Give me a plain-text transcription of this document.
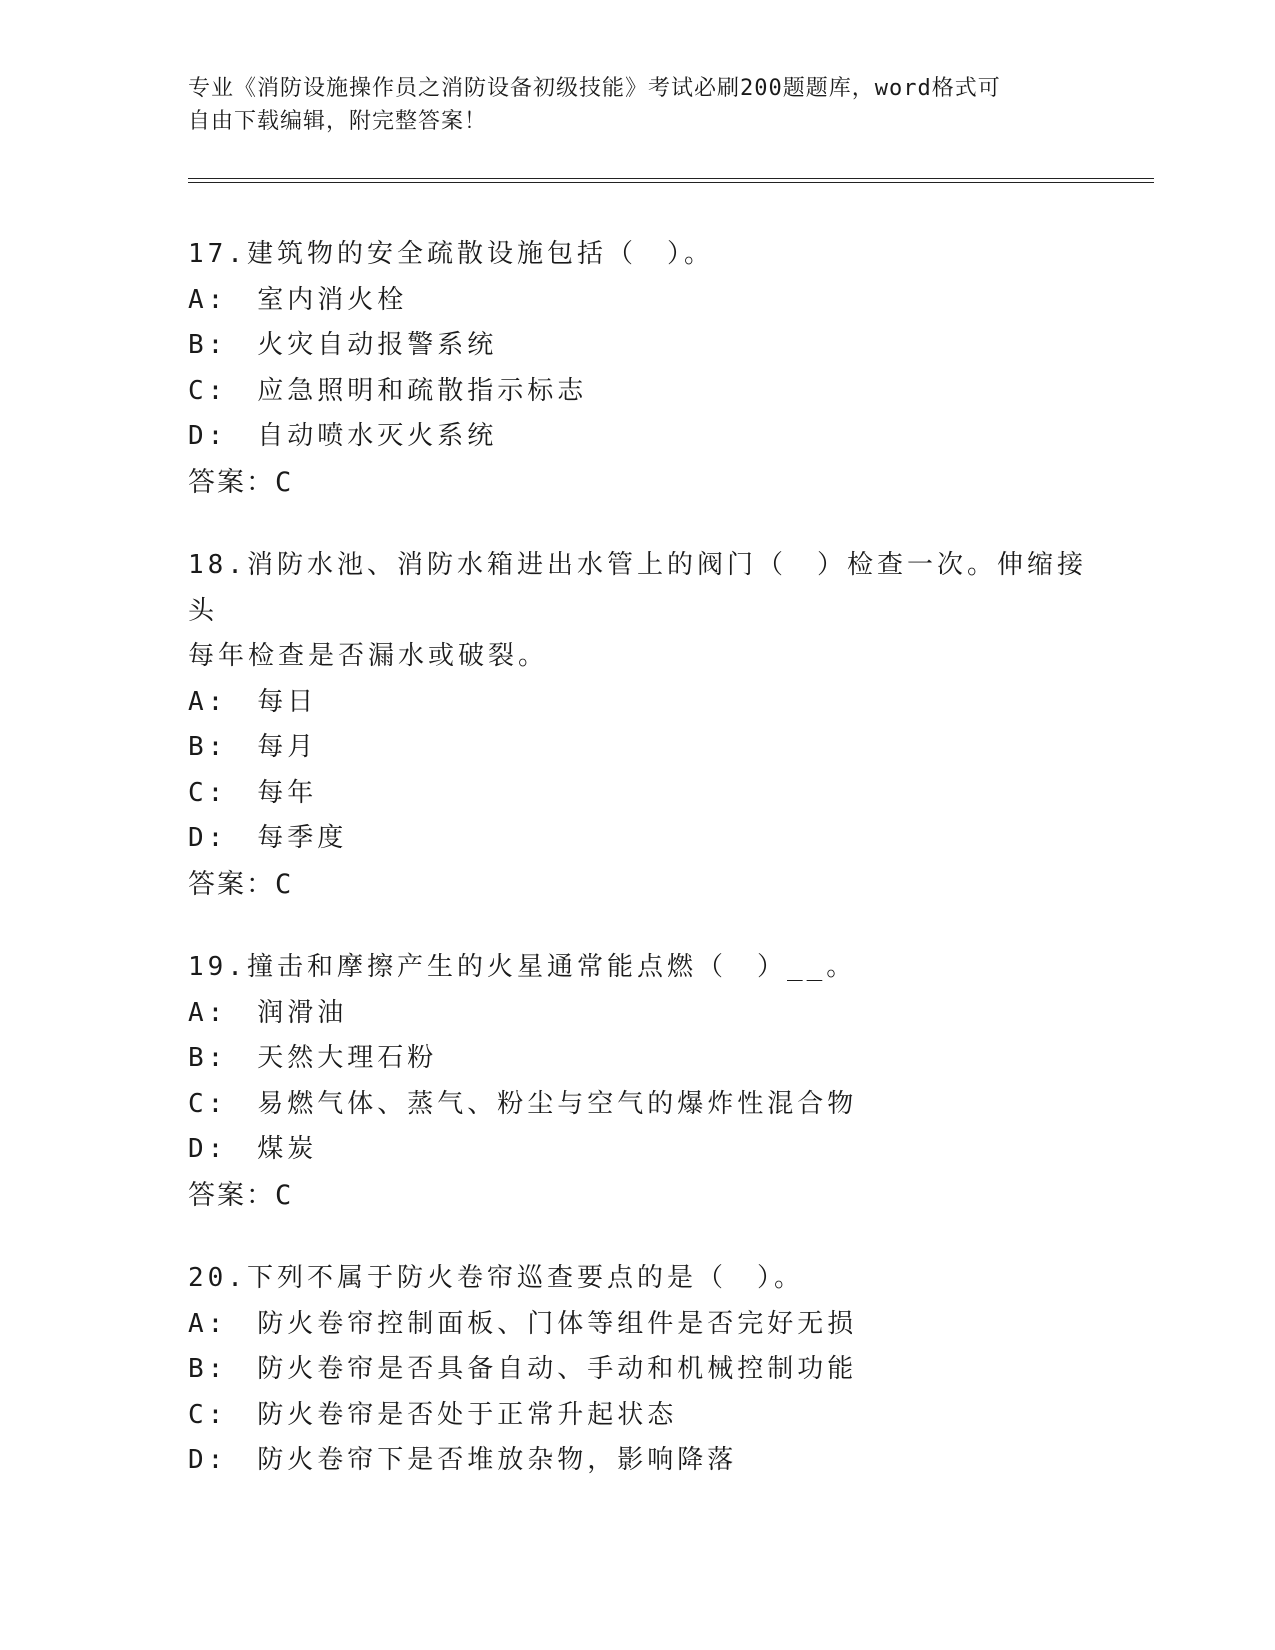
专业《消防设施操作员之消防设备初级技能》考试必刷200题题库，word格式可
自由下载编辑，附完整答案！
17.建筑物的安全疏散设施包括（　）。
A:　室内消火栓
B:　火灾自动报警系统
C:　应急照明和疏散指示标志
D:　自动喷水灭火系统
答案：C
18.消防水池、消防水箱进出水管上的阀门（　）检查一次。伸缩接头
每年检查是否漏水或破裂。
A:　每日
B:　每月
C:　每年
D:　每季度
答案：C
19.撞击和摩擦产生的火星通常能点燃（　）__。
A:　润滑油
B:　天然大理石粉
C:　易燃气体、蒸气、粉尘与空气的爆炸性混合物
D:　煤炭
答案：C
20.下列不属于防火卷帘巡查要点的是（　）。
A:　防火卷帘控制面板、门体等组件是否完好无损
B:　防火卷帘是否具备自动、手动和机械控制功能
C:　防火卷帘是否处于正常升起状态
D:　防火卷帘下是否堆放杂物，影响降落
